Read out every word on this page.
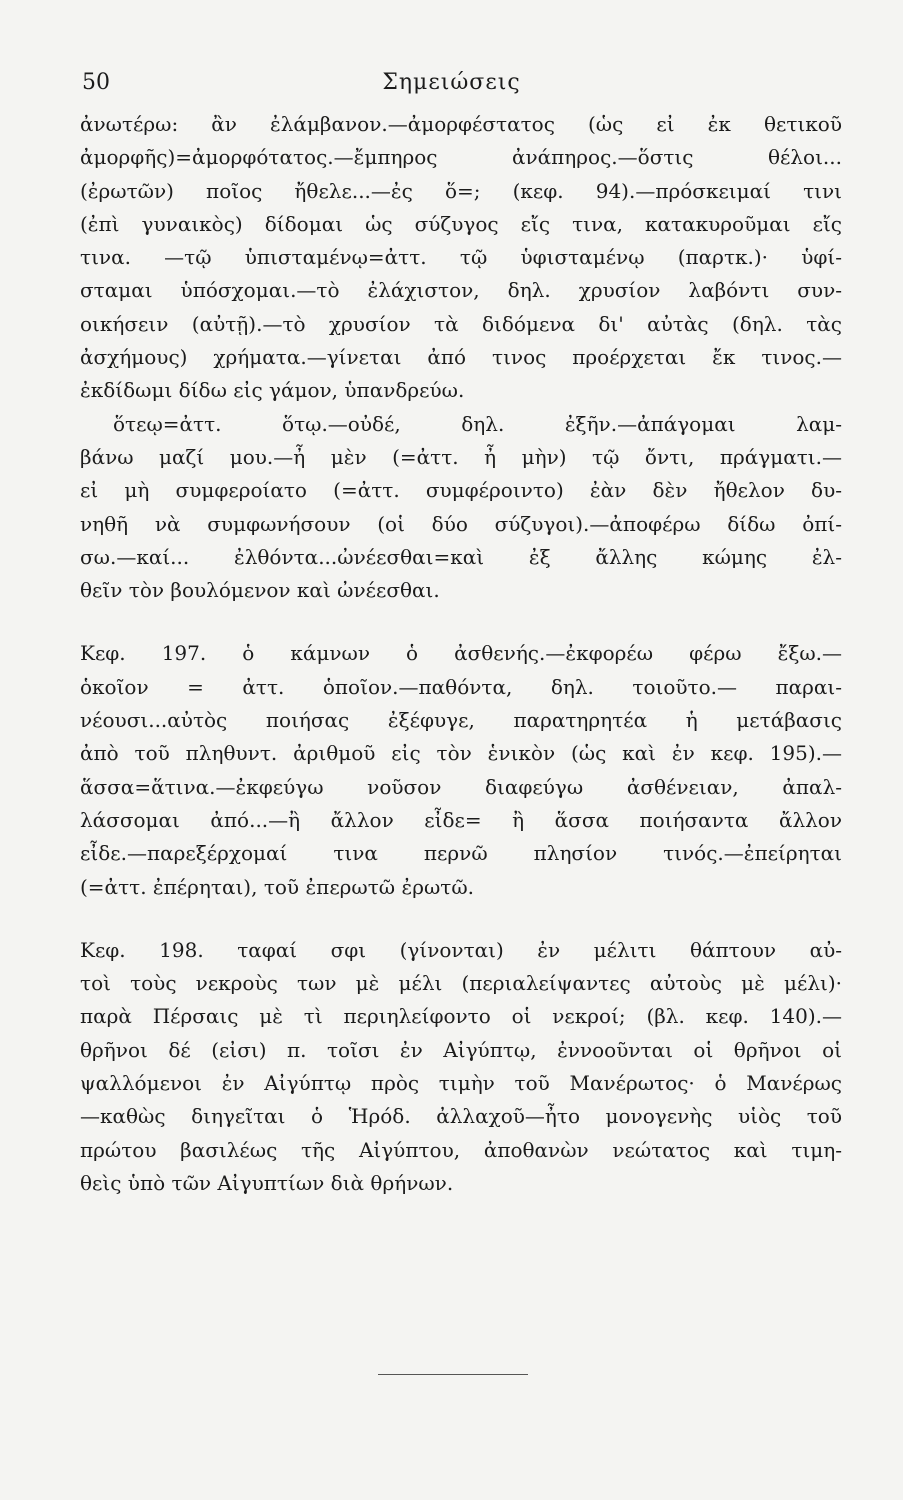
50	Σημειώσεις
ἀνωτέρω: ἂν ἐλάμβανον.—ἀμορφέστατος (ὡς εἰ ἐκ θετικοῦ
ἀμορφῆς)=ἀμορφότατος.—ἔμπηρος ἀνάπηρος.—ὅστις θέλοι...
(ἐρωτῶν) ποῖος ἤθελε...—ἐς ὅ=; (κεφ. 94).—πρόσκειμαί τινι
(ἐπὶ γυναικὸς) δίδομαι ὡς σύζυγος εἴς τινα, κατακυροῦμαι εἴς
τινα. —τῷ ὑπισταμένῳ=ἀττ. τῷ ὑφισταμένῳ (παρτκ.)· ὑφί-
σταμαι ὑπόσχομαι.—τὸ ἐλάχιστον, δηλ. χρυσίον λαβόντι συν-
οικήσειν (αὐτῇ).—τὸ χρυσίον τὰ διδόμενα δι' αὐτὰς (δηλ. τὰς
ἀσχήμους) χρήματα.—γίνεται ἀπό τινος προέρχεται ἔκ τινος.—
ἐκδίδωμι δίδω εἰς γάμον, ὑπανδρεύω.
ὅτεῳ=ἀττ. ὅτῳ.—οὐδέ, δηλ. ἐξῆν.—ἀπάγομαι λαμ-
βάνω μαζί μου.—ἦ μὲν (=ἀττ. ἦ μὴν) τῷ ὄντι, πράγματι.—
εἰ μὴ συμφεροίατο (=ἀττ. συμφέροιντο) ἐὰν δὲν ἤθελον δυ-
νηθῆ νὰ συμφωνήσουν (οἱ δύο σύζυγοι).—ἀποφέρω δίδω ὀπί-
σω.—καί... ἐλθόντα...ὠνέεσθαι=καὶ ἐξ ἄλλης κώμης ἐλ-
θεῖν τὸν βουλόμενον καὶ ὠνέεσθαι.
Κεφ. 197. ὁ κάμνων ὁ ἀσθενής.—ἐκφορέω φέρω ἔξω.—
ὁκοῖον = ἀττ. ὁποῖον.—παθόντα, δηλ. τοιοῦτο.— παραι-
νέουσι...αὐτὸς ποιήσας ἐξέφυγε, παρατηρητέα ἡ μετάβασις
ἀπὸ τοῦ πληθυντ. ἀριθμοῦ εἰς τὸν ἑνικὸν (ὡς καὶ ἐν κεφ. 195).—
ἅσσα=ἅτινα.—ἐκφεύγω νοῦσον διαφεύγω ἀσθένειαν, ἀπαλ-
λάσσομαι ἀπό...—ἢ ἄλλον εἶδε= ἢ ἅσσα ποιήσαντα ἄλλον
εἶδε.—παρεξέρχομαί τινα περνῶ πλησίον τινός.—ἐπείρηται
(=ἀττ. ἐπέρηται), τοῦ ἐπερωτῶ ἐρωτῶ.
Κεφ. 198. ταφαί σφι (γίνονται) ἐν μέλιτι θάπτουν αὐ-
τοὶ τοὺς νεκροὺς των μὲ μέλι (περιαλείψαντες αὐτοὺς μὲ μέλι)·
παρὰ Πέρσαις μὲ τὶ περιηλείφοντο οἱ νεκροί; (βλ. κεφ. 140).—
θρῆνοι δέ (εἰσι) π. τοῖσι ἐν Αἰγύπτῳ, ἐννοοῦνται οἱ θρῆνοι οἱ
ψαλλόμενοι ἐν Αἰγύπτῳ πρὸς τιμὴν τοῦ Μανέρωτος· ὁ Μανέρως
—καθὼς διηγεῖται ὁ Ἡρόδ. ἀλλαχοῦ—ἦτο μονογενὴς υἱὸς τοῦ
πρώτου βασιλέως τῆς Αἰγύπτου, ἀποθανὼν νεώτατος καὶ τιμη-
θεὶς ὑπὸ τῶν Αἰγυπτίων διὰ θρήνων.
